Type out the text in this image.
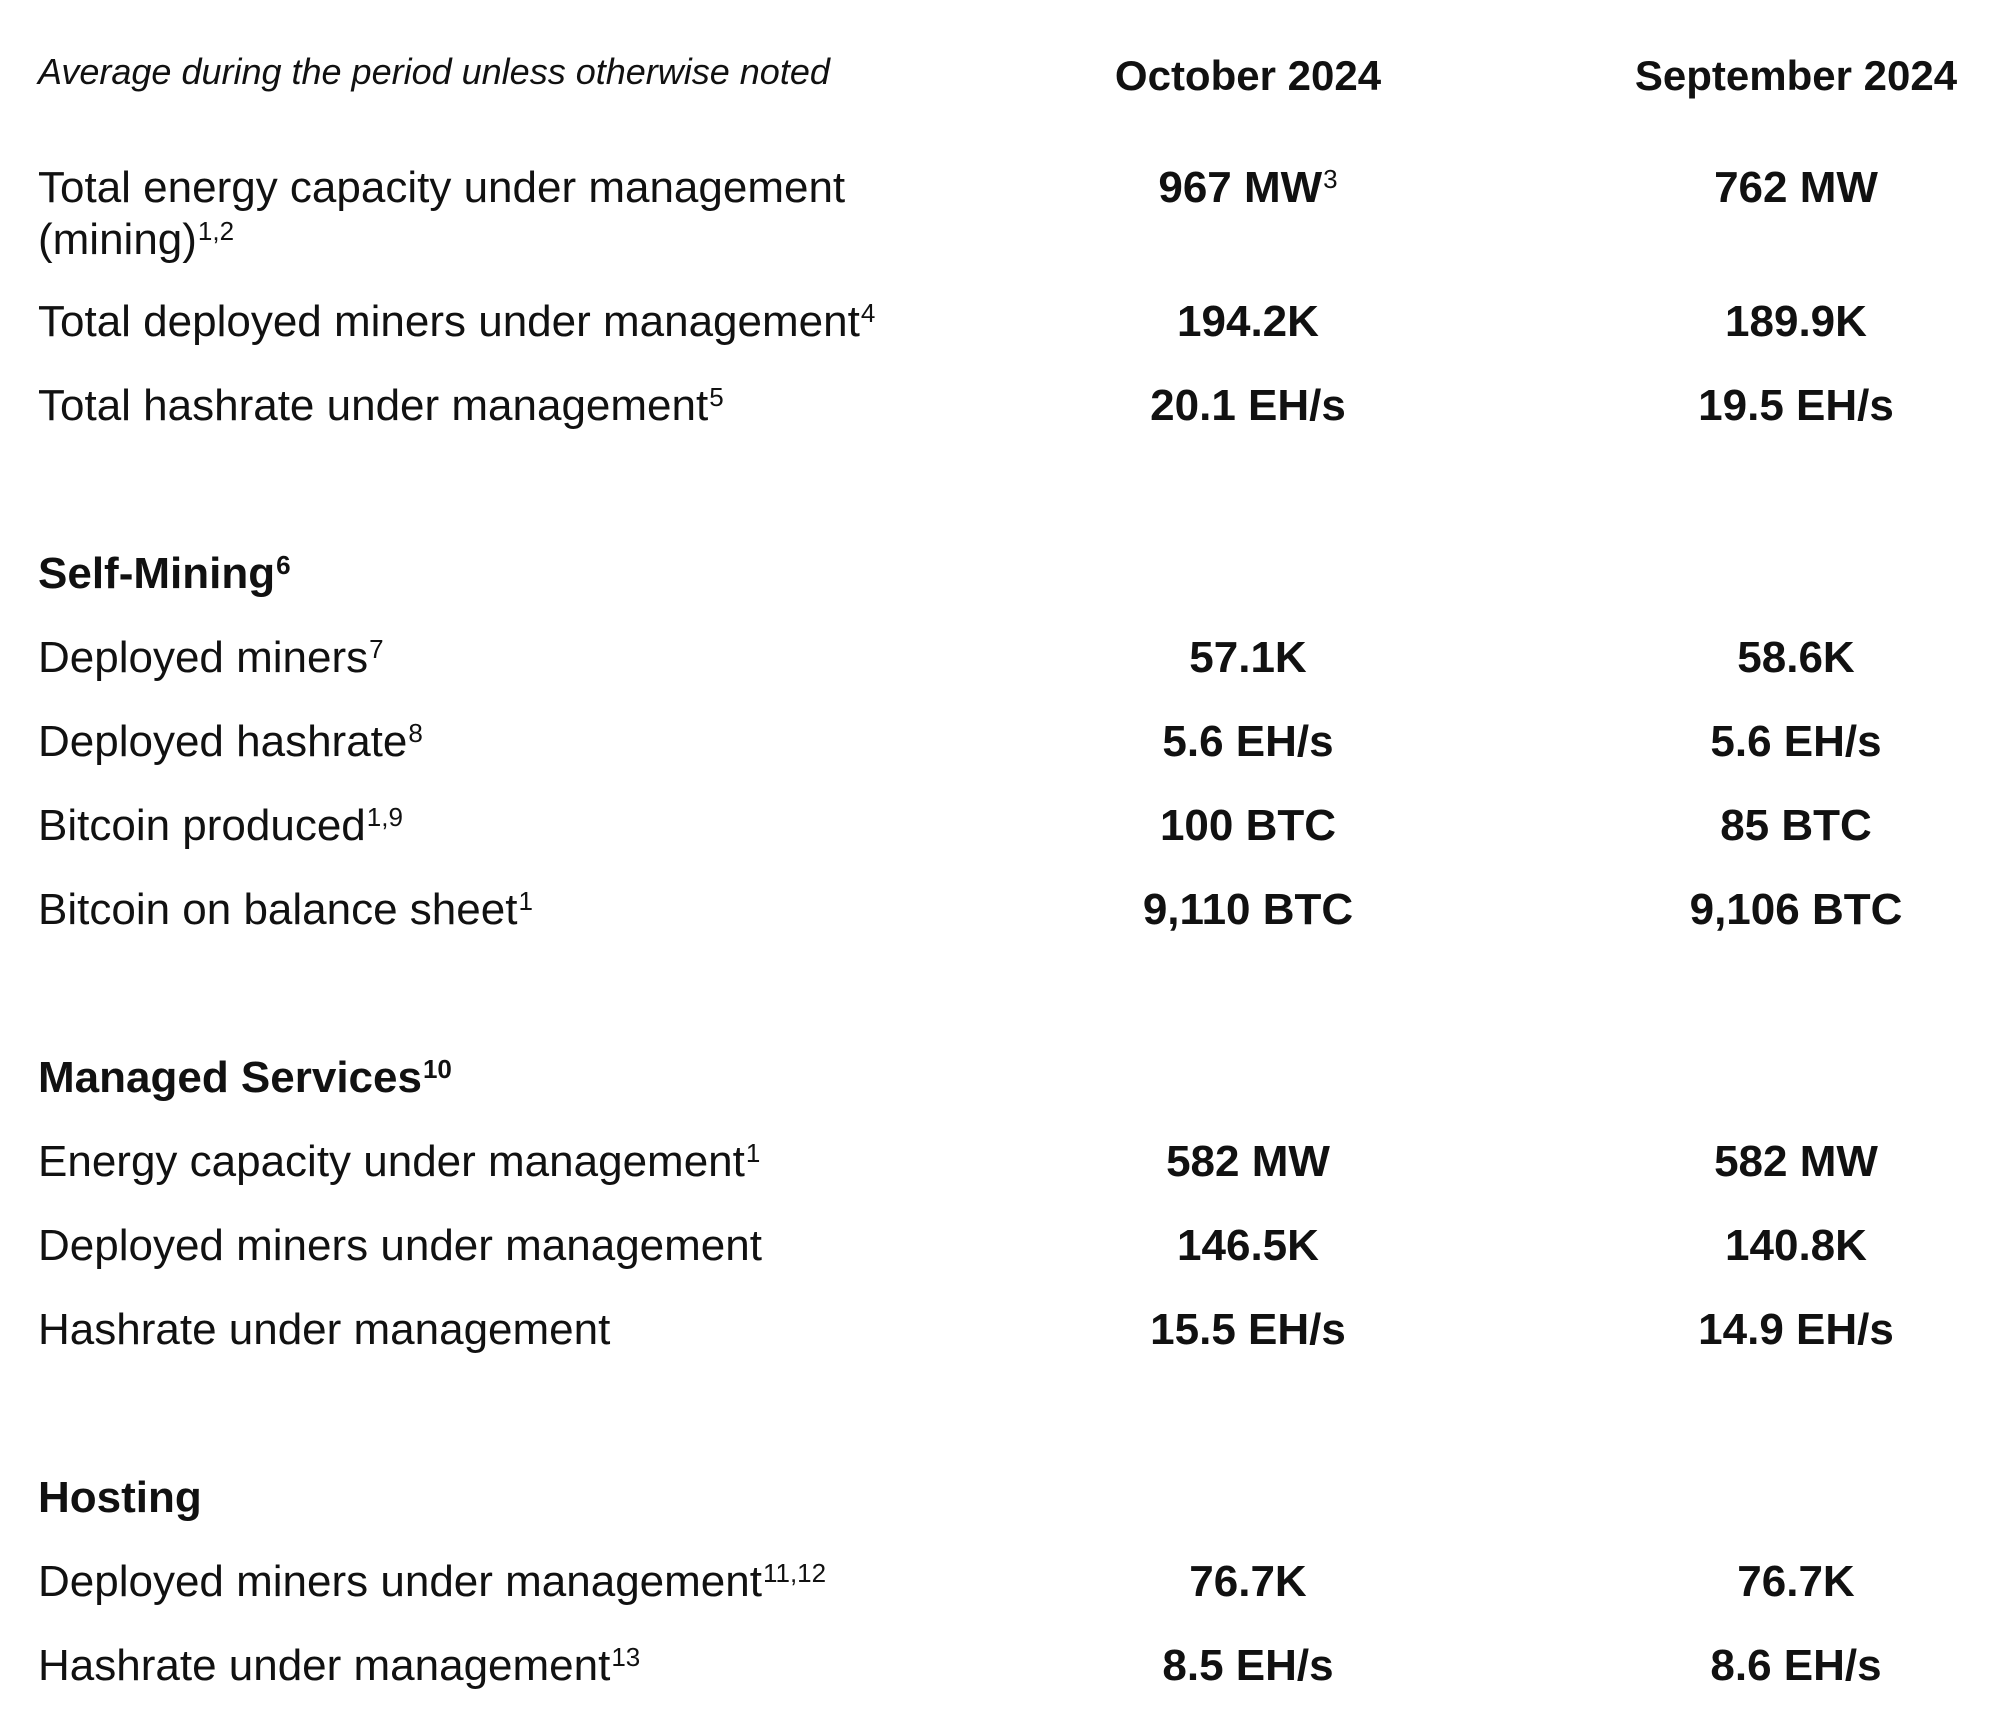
Average during the period unless otherwise noted	October 2024	September 2024
Total energy capacity under management (mining)$^{1,2}$
967 $MW^3$	762 MW
Total deployed miners under management$^4$	194.2K	189.9K
Total hashrate under management$^5$	20.1 EH/s	19.5 EH/s
Self-Mining$^6$
Deployed miners$^7$	57.1K	58.6K
Deployed hashrate$^8$	5.6 EH/s	5.6 EH/s
Bitcoin produced$^{1,9}$	100 BTC	85 BTC
Bitcoin on balance sheet$^1$	9,110 BTC	9,106 BTC
Managed Services$^{10}$
Energy capacity under management$^1$	582 MW	582 MW
Deployed miners under management	146.5K	140.8K
Hashrate under management	15.5 EH/s	14.9 EH/s
Hosting
Deployed miners under management$^{11,12}$	76.7K	76.7K
Hashrate under management$^{13}$	8.5 EH/s	8.6 EH/s
